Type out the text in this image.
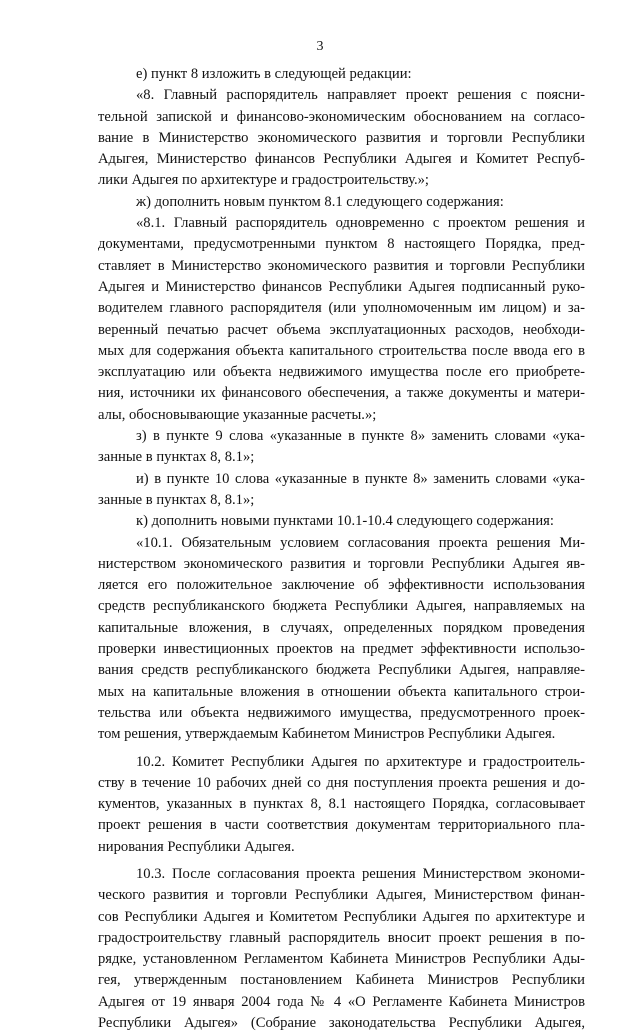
3

е) пункт 8 изложить в следующей редакции:

«8. Главный распорядитель направляет проект решения с поясни-
тельной запиской и финансово-экономическим обоснованием на согласо-
вание в Министерство экономического развития и торговли Республики
Адыгея, Министерство финансов Республики Адыгея и Комитет Респуб-
лики Адыгея по архитектуре и градостроительству.»;

ж) дополнить новым пунктом 8.1 следующего содержания:

«8.1. Главный распорядитель одновременно с проектом решения и
документами, предусмотренными пунктом 8 настоящего Порядка, пред-
ставляет в Министерство экономического развития и торговли Республики
Адыгея и Министерство финансов Республики Адыгея подписанный руко-
водителем главного распорядителя (или уполномоченным им лицом) и за-
веренный печатью расчет объема эксплуатационных расходов, необходи-
мых для содержания объекта капитального строительства после ввода его в
эксплуатацию или объекта недвижимого имущества после его приобрете-
ния, источники их финансового обеспечения, а также документы и матери-
алы, обосновывающие указанные расчеты.»;

з) в пункте 9 слова «указанные в пункте 8» заменить словами «ука-
занные в пунктах 8, 8.1»;

и) в пункте 10 слова «указанные в пункте 8» заменить словами «ука-
занные в пунктах 8, 8.1»;

к) дополнить новыми пунктами 10.1-10.4 следующего содержания:

«10.1. Обязательным условием согласования проекта решения Ми-
нистерством экономического развития и торговли Республики Адыгея яв-
ляется его положительное заключение об эффективности использования
средств республиканского бюджета Республики Адыгея, направляемых на
капитальные вложения, в случаях, определенных порядком проведения
проверки инвестиционных проектов на предмет эффективности использо-
вания средств республиканского бюджета Республики Адыгея, направляе-
мых на капитальные вложения в отношении объекта капитального строи-
тельства или объекта недвижимого имущества, предусмотренного проек-
том решения, утверждаемым Кабинетом Министров Республики Адыгея.

10.2. Комитет Республики Адыгея по архитектуре и градостроитель-
ству в течение 10 рабочих дней со дня поступления проекта решения и до-
кументов, указанных в пунктах 8, 8.1 настоящего Порядка, согласовывает
проект решения в части соответствия документам территориального пла-
нирования Республики Адыгея.

10.3. После согласования проекта решения Министерством экономи-
ческого развития и торговли Республики Адыгея, Министерством финан-
сов Республики Адыгея и Комитетом Республики Адыгея по архитектуре и
градостроительству главный распорядитель вносит проект решения в по-
рядке, установленном Регламентом Кабинета Министров Республики Ады-
гея, утвержденным постановлением Кабинета Министров Республики
Адыгея от 19 января 2004 года № 4 «О Регламенте Кабинета Министров
Республики Адыгея» (Собрание законодательства Республики Адыгея,
